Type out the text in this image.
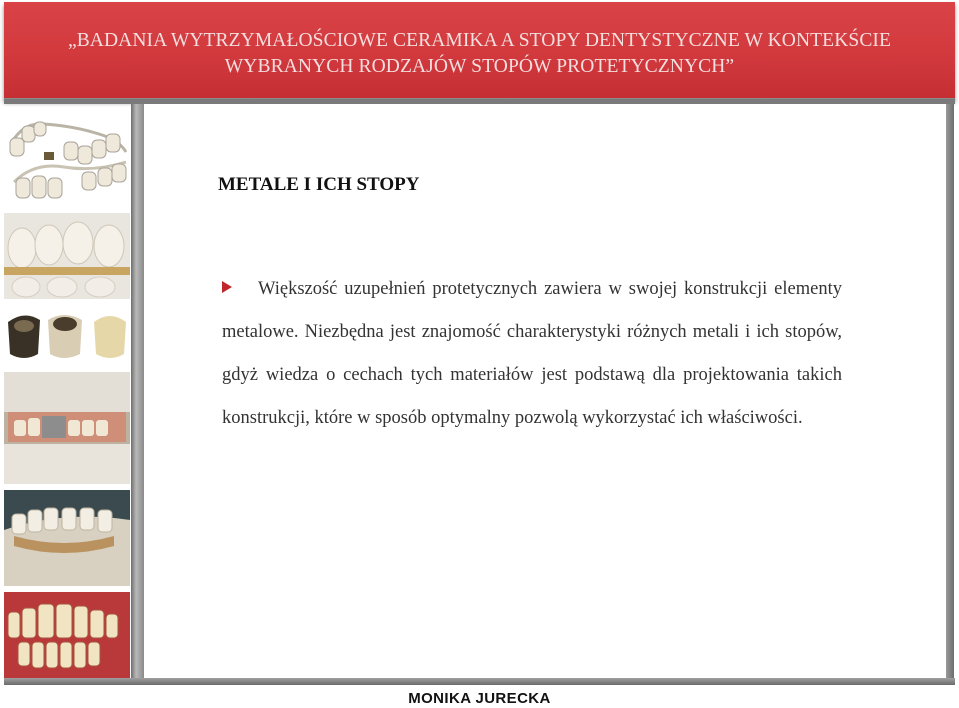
„BADANIA WYTRZYMAŁOŚCIOWE CERAMIKA A STOPY DENTYSTYCZNE W KONTEKŚCIE
WYBRANYCH RODZAJÓW STOPÓW PROTETYCZNYCH”
METALE I ICH STOPY
Większość uzupełnień protetycznych zawiera w swojej konstrukcji elementy metalowe. Niezbędna jest znajomość charakterystyki różnych metali i ich stopów, gdyż wiedza o cechach tych materiałów jest podstawą dla projektowania takich konstrukcji, które w sposób optymalny pozwolą wykorzystać ich właściwości.
MONIKA JURECKA
